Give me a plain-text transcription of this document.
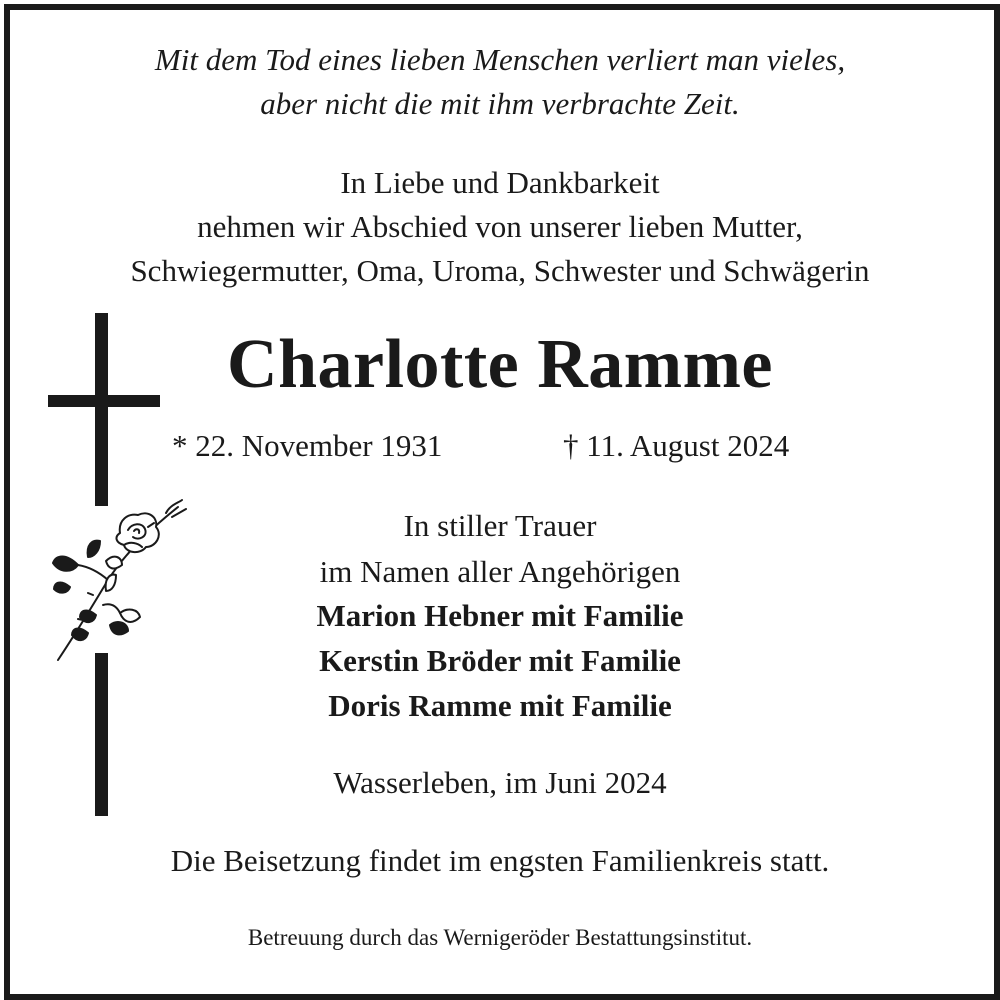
Mit dem Tod eines lieben Menschen verliert man vieles,
aber nicht die mit ihm verbrachte Zeit.
In Liebe und Dankbarkeit
nehmen wir Abschied von unserer lieben Mutter,
Schwiegermutter, Oma, Uroma, Schwester und Schwägerin
Charlotte Ramme
* 22. November 1931	† 11. August 2024
In stiller Trauer
im Namen aller Angehörigen
Marion Hebner mit Familie
Kerstin Bröder mit Familie
Doris Ramme mit Familie
Wasserleben, im Juni 2024
Die Beisetzung findet im engsten Familienkreis statt.
Betreuung durch das Wernigeröder Bestattungsinstitut.
